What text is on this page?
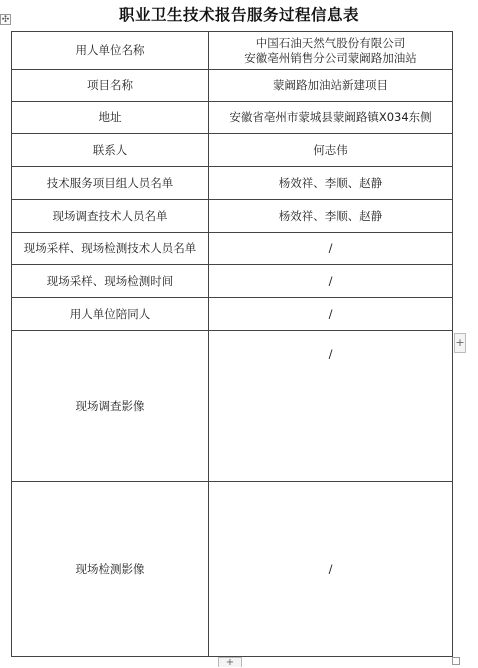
✣	职业卫生技术报告服务过程信息表
用人单位名称	中国石油天然气股份有限公司
安徽亳州销售分公司蒙阚路加油站

项目名称	蒙阚路加油站新建项目
地址	安徽省亳州市蒙城县蒙阚路镇X034东侧
联系人	何志伟
技术服务项目组人员名单	杨效祥、李顺、赵静
现场调查技术人员名单	杨效祥、李顺、赵静
现场采样、现场检测技术人员名单	/
现场采样、现场检测时间	/
用人单位陪同人	/
现场调查影像	/
现场检测影像	/
+
+
